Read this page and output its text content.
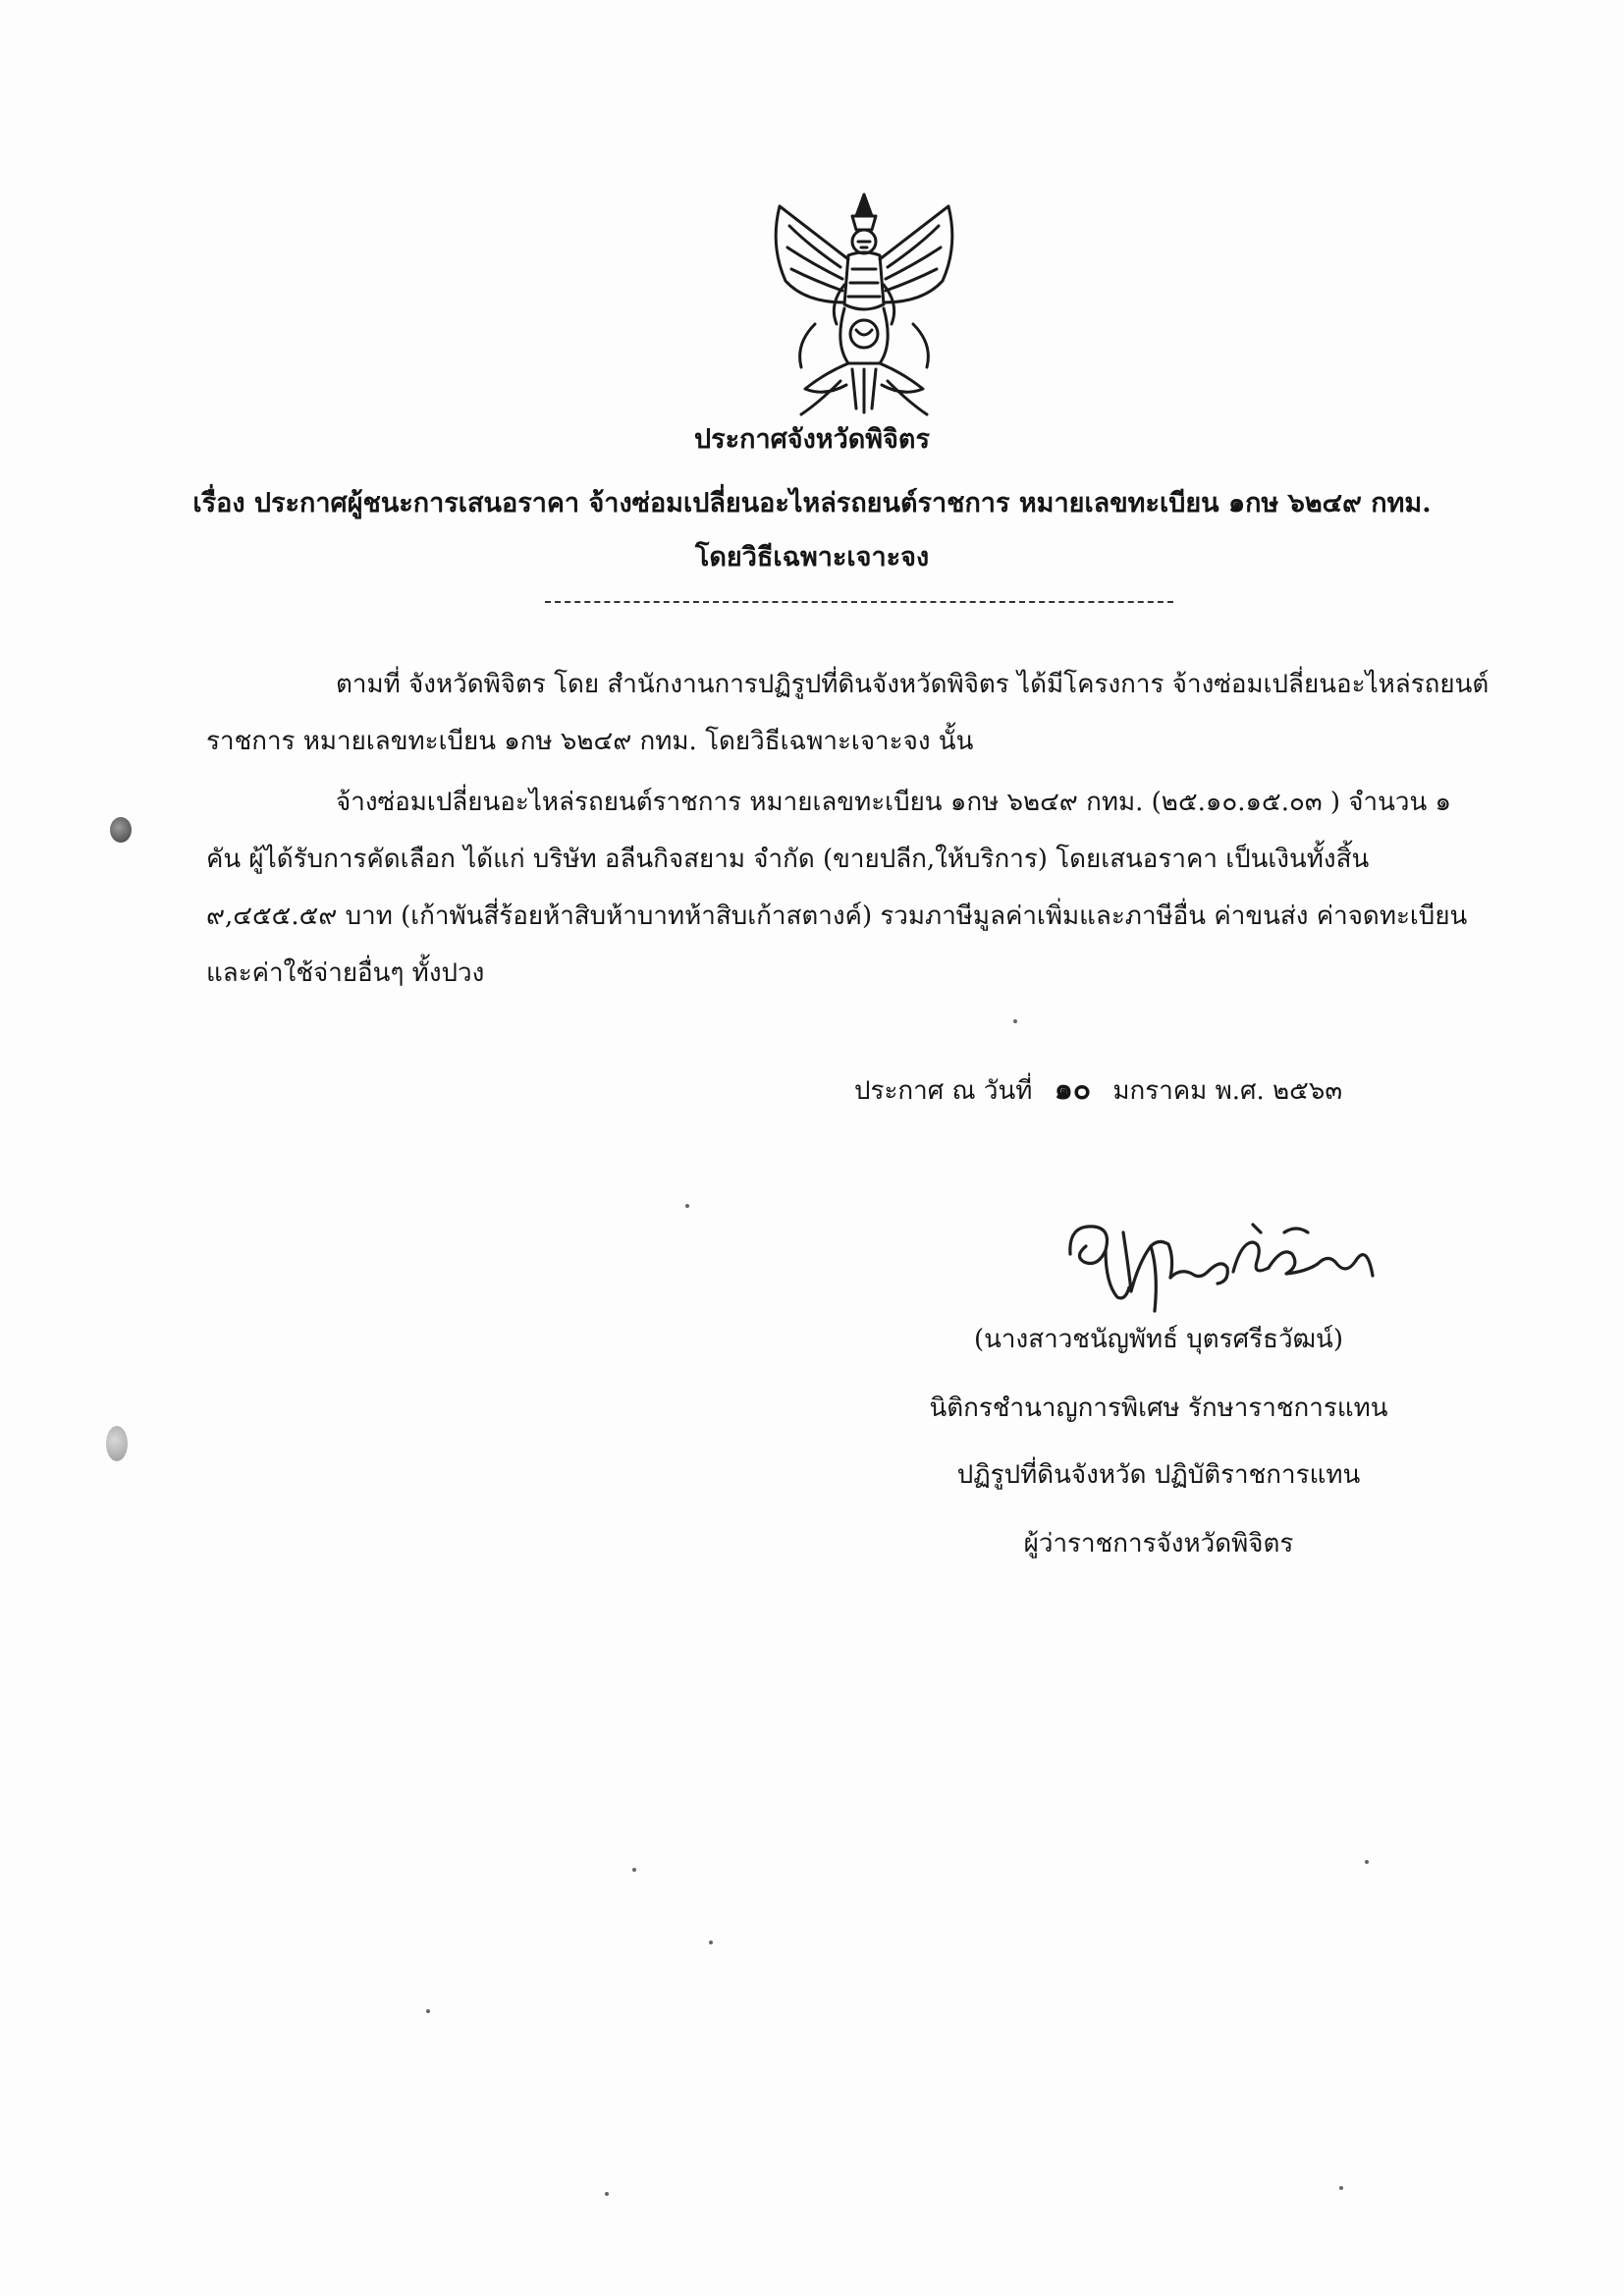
ประกาศจังหวัดพิจิตร
เรื่อง ประกาศผู้ชนะการเสนอราคา จ้างซ่อมเปลี่ยนอะไหล่รถยนต์ราชการ หมายเลขทะเบียน ๑กษ ๖๒๔๙ กทม.
โดยวิธีเฉพาะเจาะจง
ตามที่ จังหวัดพิจิตร โดย สำนักงานการปฏิรูปที่ดินจังหวัดพิจิตร ได้มีโครงการ จ้างซ่อมเปลี่ยนอะไหล่รถยนต์ราชการ หมายเลขทะเบียน ๑กษ ๖๒๔๙ กทม. โดยวิธีเฉพาะเจาะจง นั้น
จ้างซ่อมเปลี่ยนอะไหล่รถยนต์ราชการ หมายเลขทะเบียน ๑กษ ๖๒๔๙ กทม. (๒๕.๑๐.๑๕.๐๓ ) จำนวน ๑ คัน ผู้ได้รับการคัดเลือก ได้แก่ บริษัท อลีนกิจสยาม จำกัด (ขายปลีก,ให้บริการ) โดยเสนอราคา เป็นเงินทั้งสิ้น ๙,๔๕๕.๕๙ บาท (เก้าพันสี่ร้อยห้าสิบห้าบาทห้าสิบเก้าสตางค์) รวมภาษีมูลค่าเพิ่มและภาษีอื่น ค่าขนส่ง ค่าจดทะเบียน และค่าใช้จ่ายอื่นๆ ทั้งปวง
ประกาศ ณ วันที่ ๑๐ มกราคม พ.ศ. ๒๕๖๓
(นางสาวชนัญพัทธ์ บุตรศรีธวัฒน์)
นิติกรชำนาญการพิเศษ รักษาราชการแทน
ปฏิรูปที่ดินจังหวัด ปฏิบัติราชการแทน
ผู้ว่าราชการจังหวัดพิจิตร
